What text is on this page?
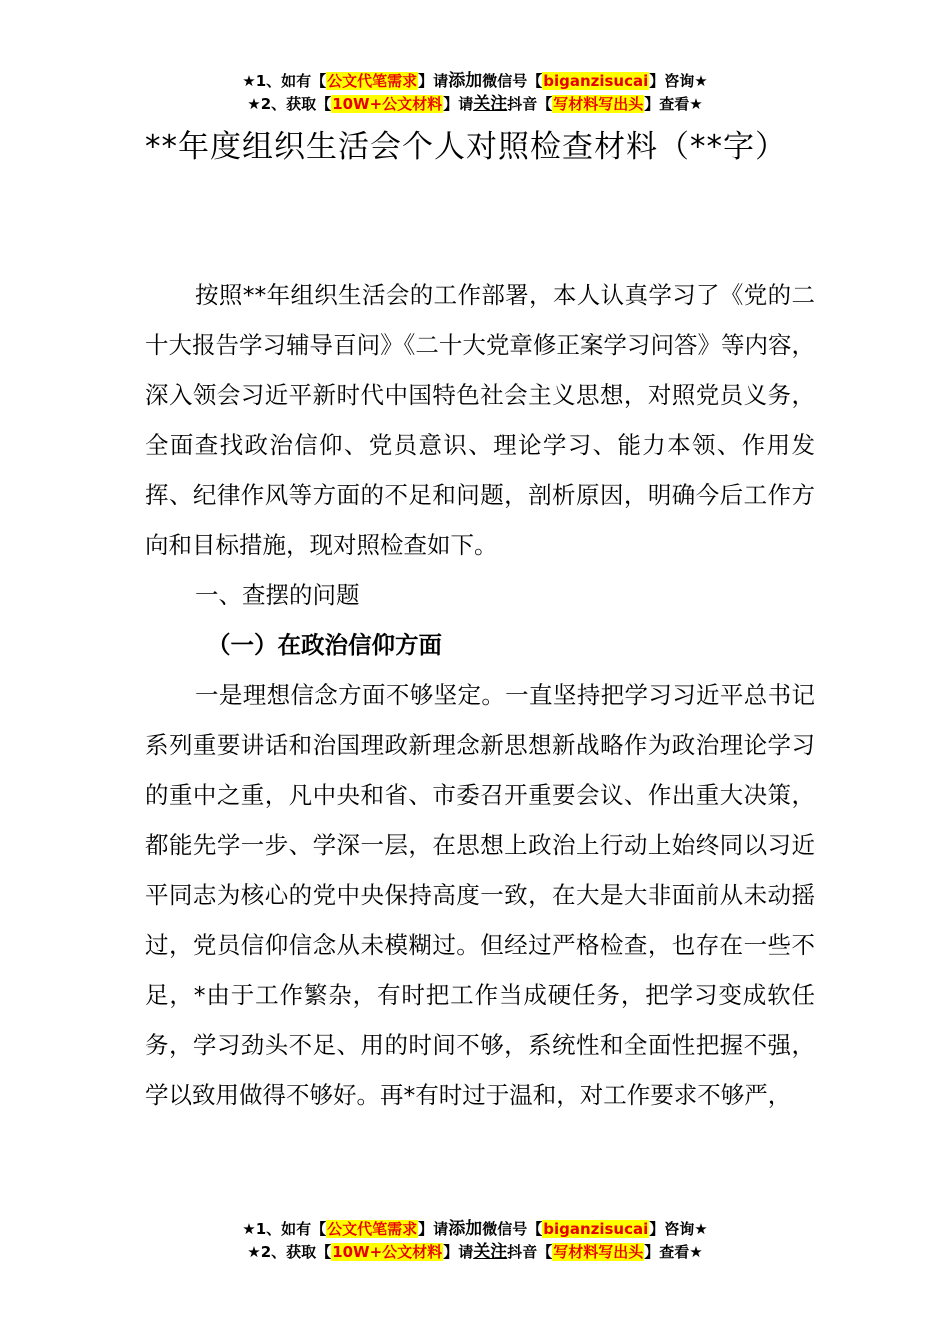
★1、如有【公文代笔需求】请添加微信号【biganzisucai】咨询★
★2、获取【10W+公文材料】请关注抖音【写材料写出头】查看★
**年度组织生活会个人对照检查材料（**字）

按照**年组织生活会的工作部署，本人认真学习了《党的二十大报告学习辅导百问》《二十大党章修正案学习问答》等内容，深入领会习近平新时代中国特色社会主义思想，对照党员义务，全面查找政治信仰、党员意识、理论学习、能力本领、作用发挥、纪律作风等方面的不足和问题，剖析原因，明确今后工作方向和目标措施，现对照检查如下。

一、查摆的问题

（一）在政治信仰方面

一是理想信念方面不够坚定。一直坚持把学习习近平总书记系列重要讲话和治国理政新理念新思想新战略作为政治理论学习的重中之重，凡中央和省、市委召开重要会议、作出重大决策，都能先学一步、学深一层，在思想上政治上行动上始终同以习近平同志为核心的党中央保持高度一致，在大是大非面前从未动摇过，党员信仰信念从未模糊过。但经过严格检查，也存在一些不足，*由于工作繁杂，有时把工作当成硬任务，把学习变成软任务，学习劲头不足、用的时间不够，系统性和全面性把握不强，学以致用做得不够好。再*有时过于温和，对工作要求不够严，

★1、如有【公文代笔需求】请添加微信号【biganzisucai】咨询★
★2、获取【10W+公文材料】请关注抖音【写材料写出头】查看★
